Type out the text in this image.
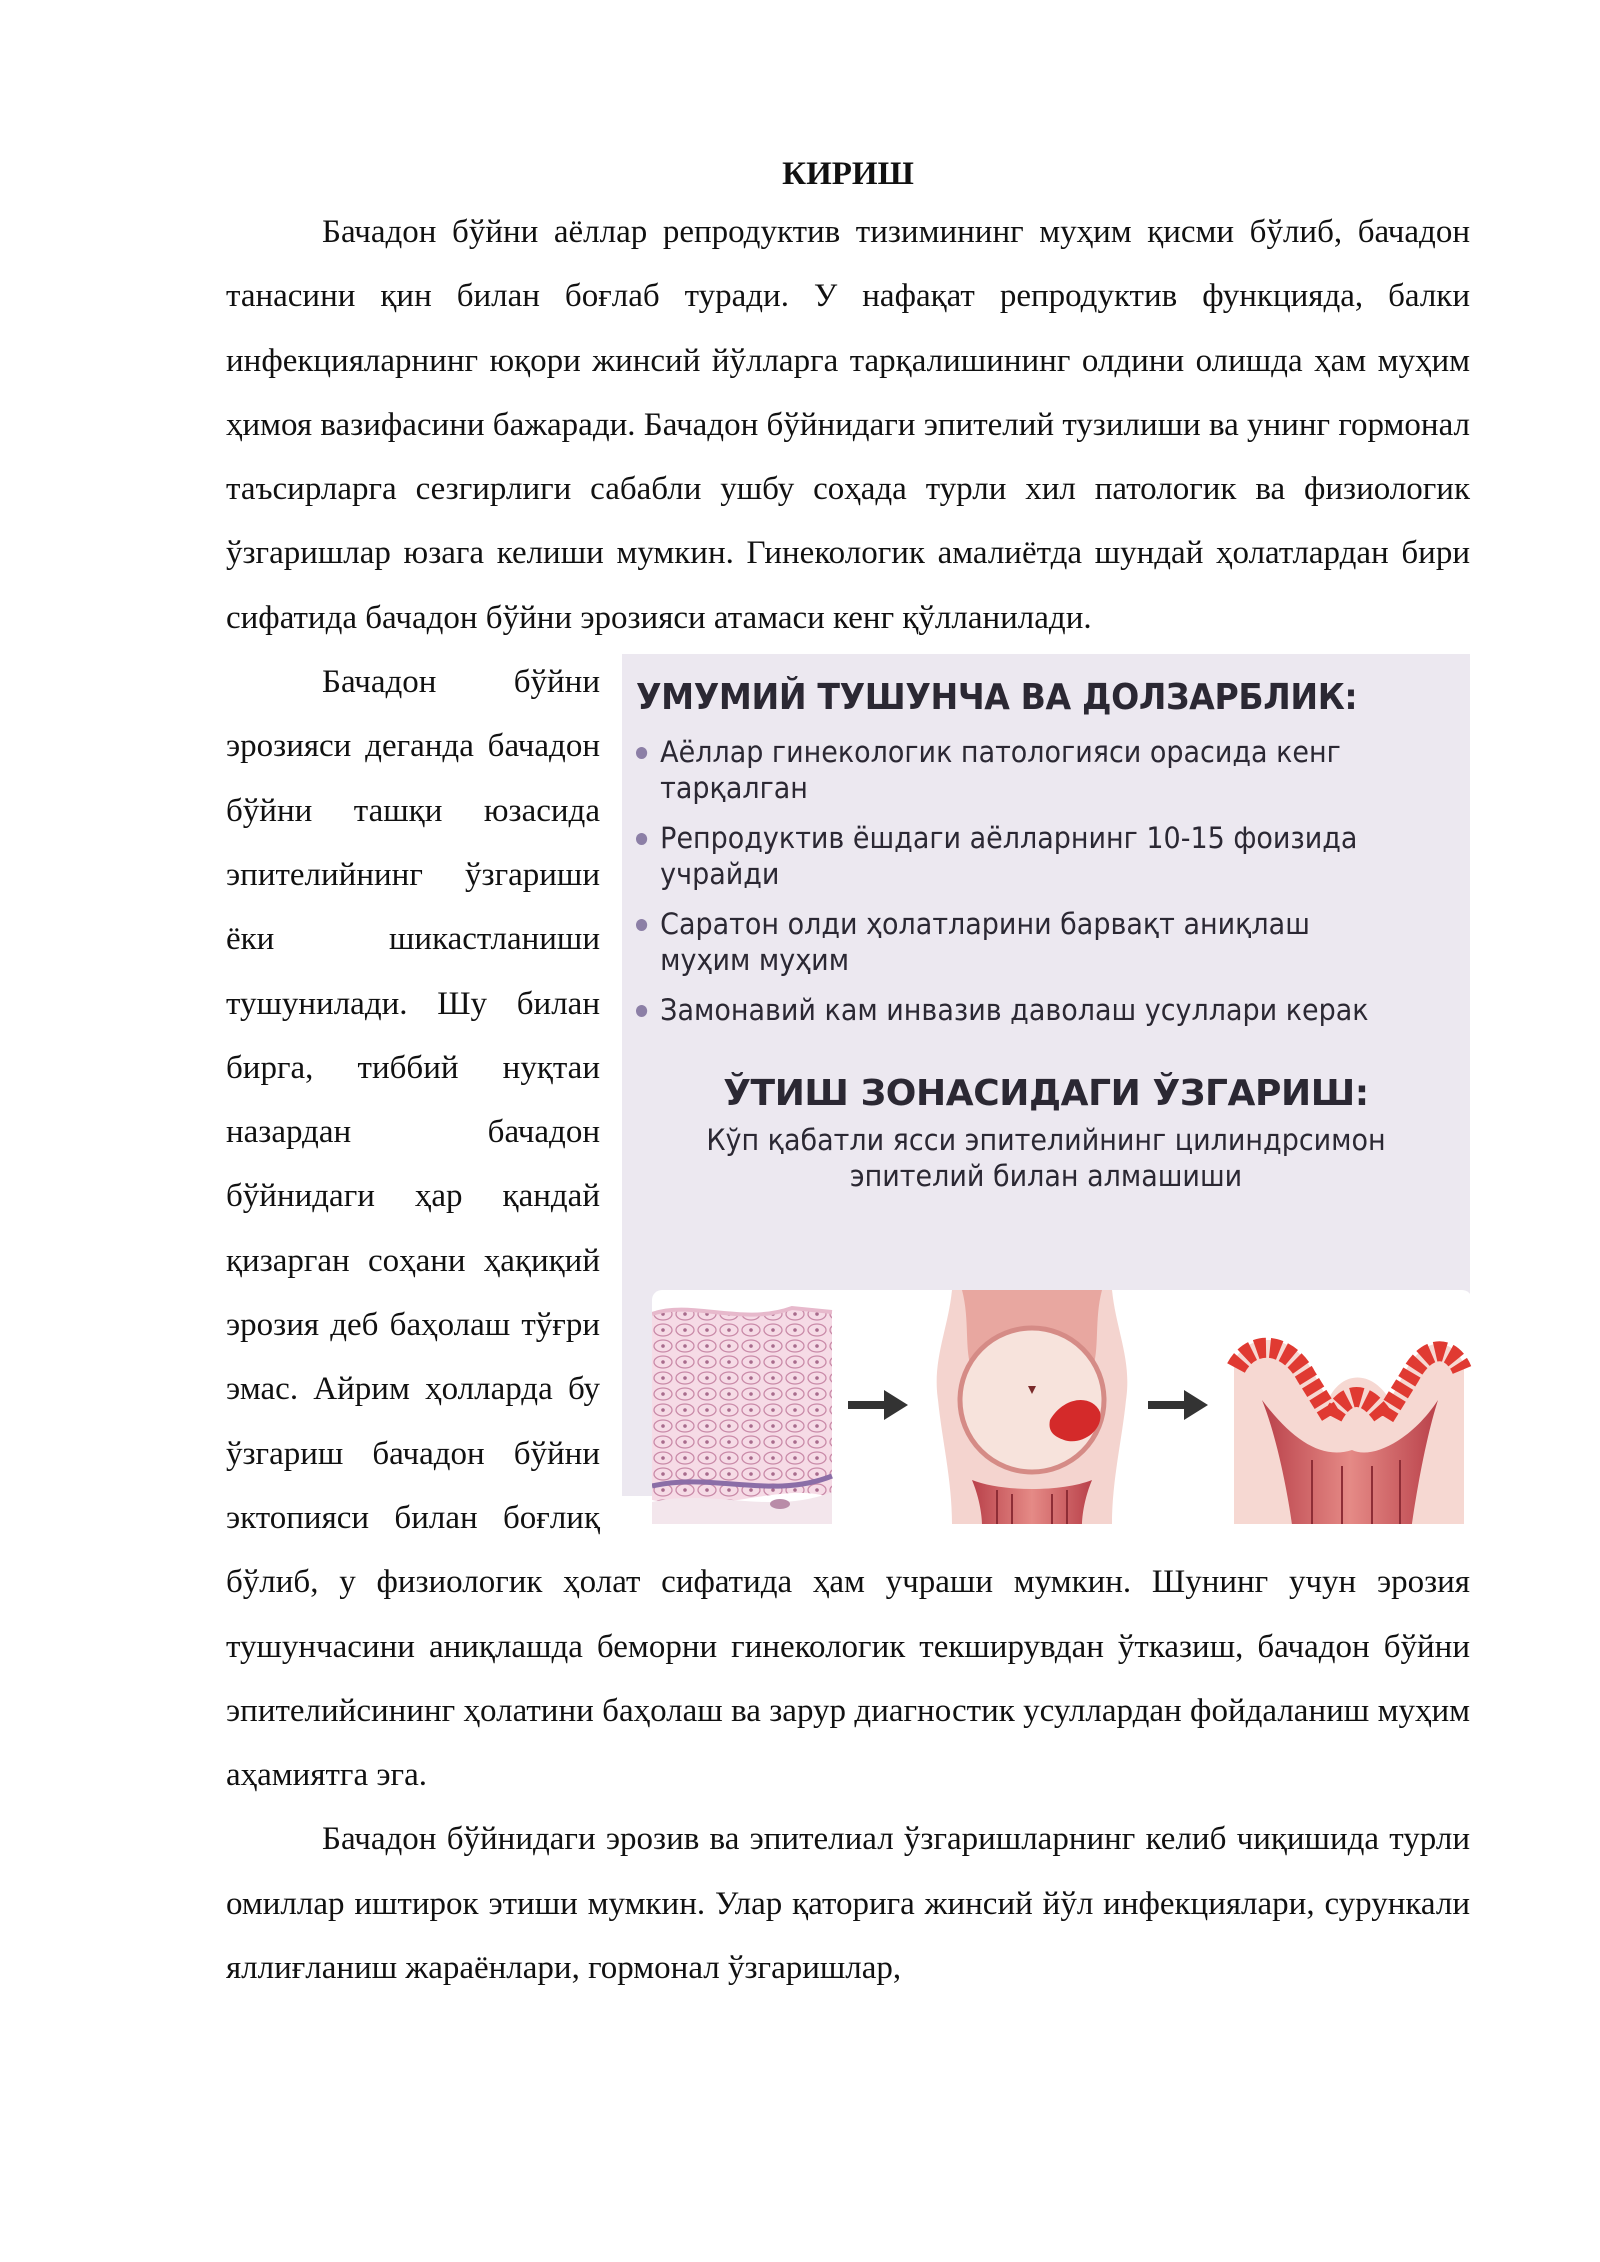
КИРИШ

Бачадон бўйни аёллар репродуктив тизимининг муҳим қисми бўлиб, бачадон танасини қин билан боғлаб туради. У нафақат репродуктив функцияда, балки инфекцияларнинг юқори жинсий йўлларга тарқалишининг олдини олишда ҳам муҳим ҳимоя вазифасини бажаради. Бачадон бўйнидаги эпителий тузилиши ва унинг гормонал таъсирларга сезгирлиги сабабли ушбу соҳада турли хил патологик ва физиологик ўзгаришлар юзага келиши мумкин. Гинекологик амалиётда шундай ҳолатлардан бири сифатида бачадон бўйни эрозияси атамаси кенг қўлланилади.

УМУМИЙ ТУШУНЧА ВА ДОЛЗАРБЛИК:
Аёллар гинекологик патологияси орасида кенг тарқалган
Репродуктив ёшдаги аёлларнинг 10-15 фоизида учрайди
Саратон олди ҳолатларини барвақт аниқлаш муҳим муҳим
Замонавий кам инвазив даволаш усуллари керак
ЎТИШ ЗОНАСИДАГИ ЎЗГАРИШ:
Кўп қабатли ясси эпителийнинг цилиндрсимон эпителий билан алмашиши

Бачадон бўйни эрозияси деганда бачадон бўйни ташқи юзасида эпителийнинг ўзгариши ёки шикастланиши тушунилади. Шу билан бирга, тиббий нуқтаи назардан бачадон бўйнидаги ҳар қандай қизарган соҳани ҳақиқий эрозия деб баҳолаш тўғри эмас. Айрим ҳолларда бу ўзгариш бачадон бўйни эктопияси билан боғлиқ бўлиб, у физиологик ҳолат сифатида ҳам учраши мумкин. Шунинг учун эрозия тушунчасини аниқлашда беморни гинекологик текширувдан ўтказиш, бачадон бўйни эпителийсининг ҳолатини баҳолаш ва зарур диагностик усуллардан фойдаланиш муҳим аҳамиятга эга.

Бачадон бўйнидаги эрозив ва эпителиал ўзгаришларнинг келиб чиқишида турли омиллар иштирок этиши мумкин. Улар қаторига жинсий йўл инфекциялари, сурункали яллиғланиш жараёнлари, гормонал ўзгаришлар,
